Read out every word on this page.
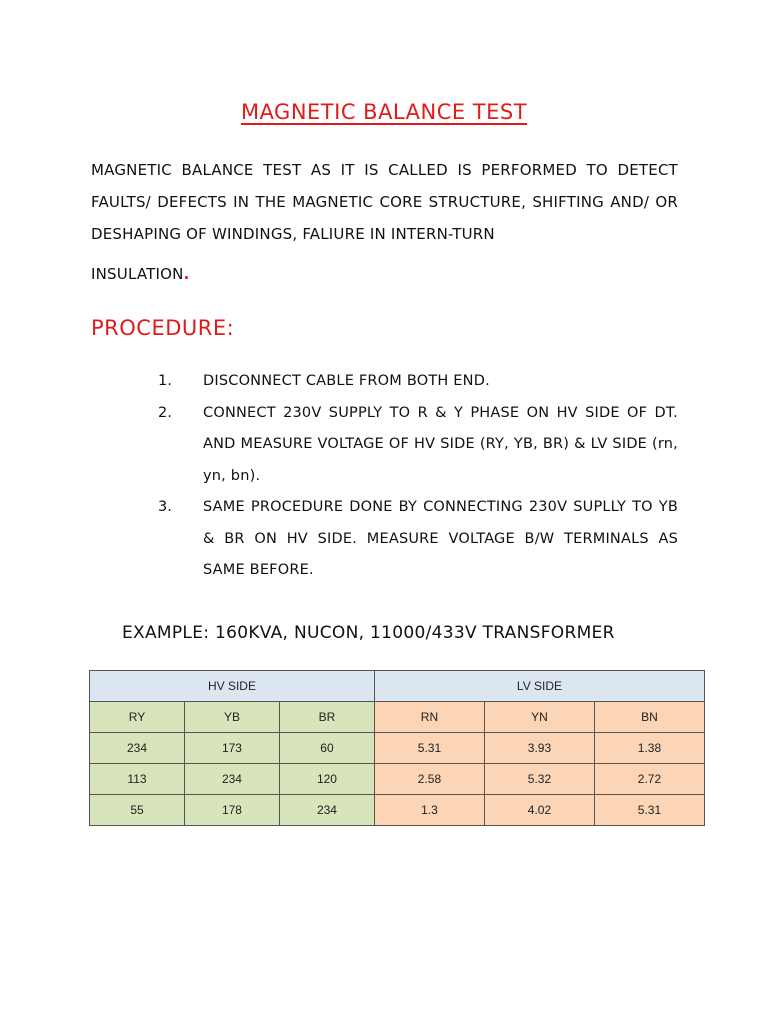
MAGNETIC BALANCE TEST

MAGNETIC BALANCE TEST AS IT IS CALLED IS PERFORMED TO DETECT FAULTS/ DEFECTS IN THE MAGNETIC CORE STRUCTURE, SHIFTING AND/ OR DESHAPING OF WINDINGS, FALIURE IN INTERN-TURN
INSULATION.

PROCEDURE:
1.	DISCONNECT CABLE FROM BOTH END.
2.	CONNECT 230V SUPPLY TO R & Y PHASE ON HV SIDE OF DT. AND MEASURE VOLTAGE OF HV SIDE (RY, YB, BR) & LV SIDE (rn, yn, bn).
3.	SAME PROCEDURE DONE BY CONNECTING 230V SUPLLY TO YB & BR ON HV SIDE. MEASURE VOLTAGE B/W TERMINALS AS SAME BEFORE.
EXAMPLE: 160KVA, NUCON, 11000/433V TRANSFORMER
HV SIDE			LV SIDE		
RY	YB	BR	RN	YN	BN
234	173	60	5.31	3.93	1.38
113	234	120	2.58	5.32	2.72
55	178	234	1.3	4.02	5.31
